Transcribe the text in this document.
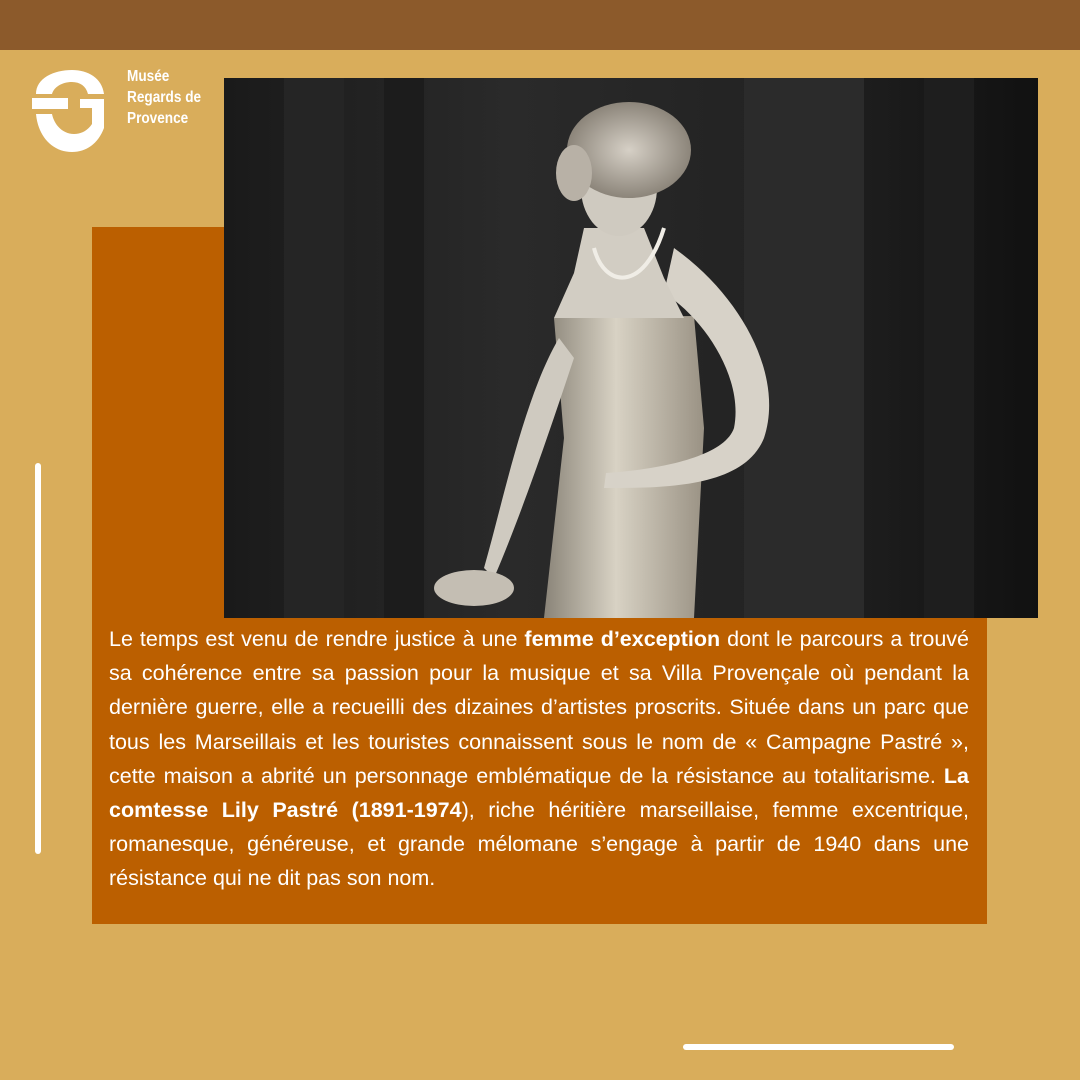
Musée
Regards de
Provence
Le temps est venu de rendre justice à une femme d’exception dont le parcours a trouvé sa cohérence entre sa passion pour la musique et sa Villa Provençale où pendant la dernière guerre, elle a recueilli des dizaines d’artistes proscrits. Située dans un parc que tous les Marseillais et les touristes connaissent sous le nom de « Campagne Pastré », cette maison a abrité un personnage emblématique de la résistance au totalitarisme. La comtesse Lily Pastré (1891-1974), riche héritière marseillaise, femme excentrique, romanesque, généreuse, et grande mélomane s’engage à partir de 1940 dans une résistance qui ne dit pas son nom.
